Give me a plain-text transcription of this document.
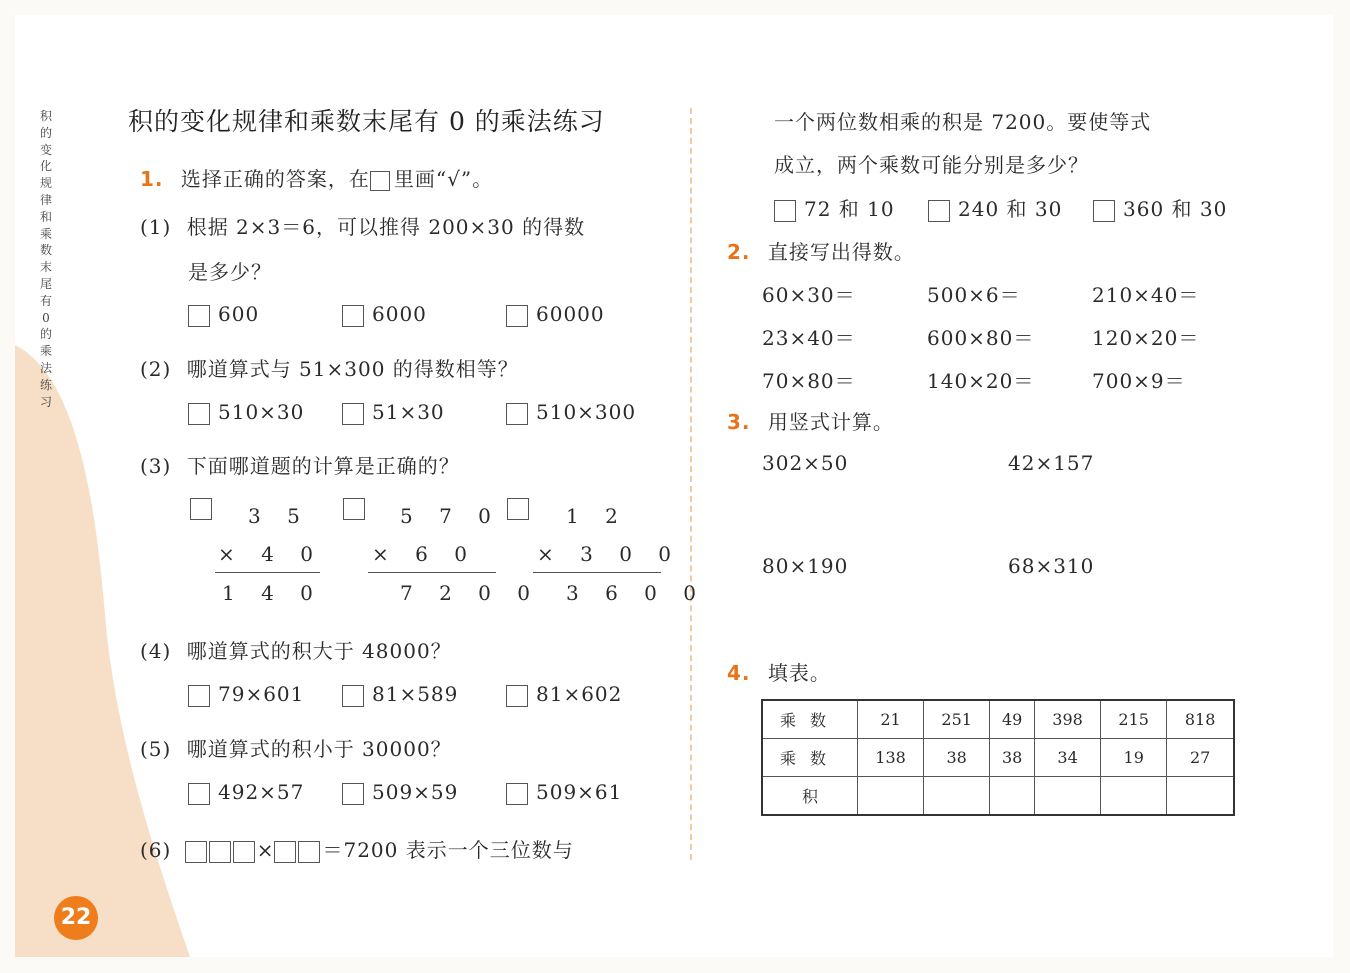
积
的
变
化
规
律
和
乘
数
末
尾
有
0
的
乘
法
练
习
22
积的变化规律和乘数末尾有 0 的乘法练习
1. 选择正确的答案，在 里画“√”。
(1) 根据 2×3＝6，可以推得 200×30 的得数
是多少？
600	6000	60000
(2) 哪道算式与 51×300 的得数相等？
510×30	51×30	510×300
(3) 下面哪道题的计算是正确的？
3 5
× 4 0
1 4 0
5 7 0
× 6 0
7 2 0 0
1 2
× 3 0 0
3 6 0 0
(4) 哪道算式的积大于 48000？
79×601	81×589	81×602
(5) 哪道算式的积小于 30000？
492×57	509×59	509×61
(6)	× ＝7200 表示一个三位数与
一个两位数相乘的积是 7200。要使等式
成立，两个乘数可能分别是多少？
72 和 10	240 和 30	360 和 30
2. 直接写出得数。
60×30＝	500×6＝	210×40＝
23×40＝	600×80＝	120×20＝
70×80＝	140×20＝	700×9＝
3. 用竖式计算。
302×50	42×157
80×190	68×310
4. 填表。
乘数	21	251	49	398	215	818
乘数	138	38	38	34	19	27
积						
